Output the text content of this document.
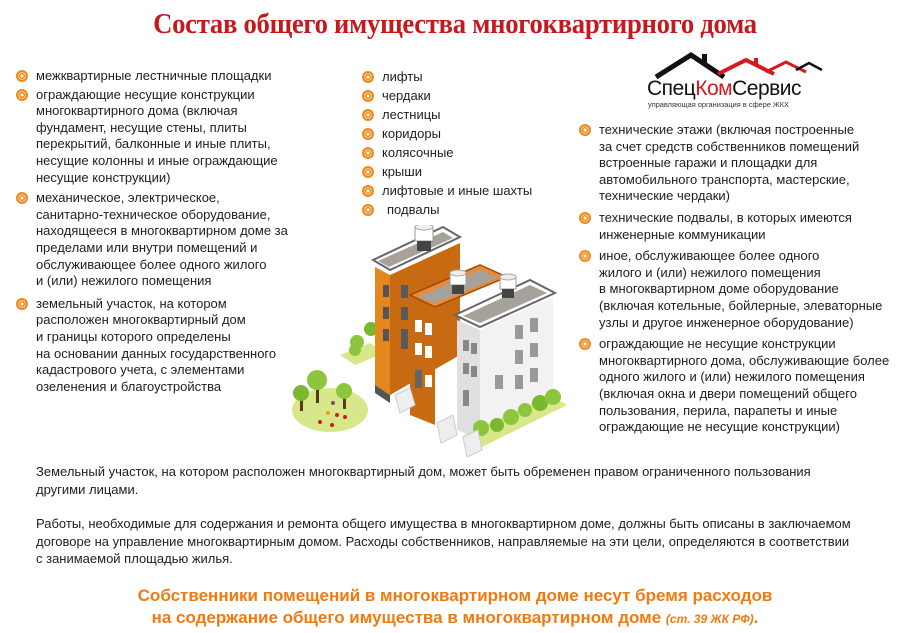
Состав общего имущества многоквартирного дома
межквартирные лестничные площадки
ограждающие несущие конструкции
многоквартирного дома (включая
фундамент, несущие стены, плиты
перекрытий, балконные и иные плиты,
несущие колонны и иные ограждающие
несущие конструкции)
механическое, электрическое,
санитарно-техническое оборудование,
находящееся в многоквартирном доме за
пределами или внутри помещений и
обслуживающее более одного жилого
и (или) нежилого помещения
земельный участок, на котором
расположен многоквартирный дом
и границы которого определены
на основании данных государственного
кадастрового учета, с элементами
озеленения и благоустройства
лифты
чердаки
лестницы
коридоры
колясочные
крыши
лифтовые и иные шахты
подвалы
СпецКомСервис
управляющая организация в сфере ЖКХ
технические этажи (включая построенные
за счет средств собственников помещений
встроенные гаражи и площадки для
автомобильного транспорта, мастерские,
технические чердаки)
технические подвалы, в которых имеются
инженерные коммуникации
иное, обслуживающее более одного
жилого и (или) нежилого помещения
в многоквартирном доме оборудование
(включая котельные, бойлерные, элеваторные
узлы и другое инженерное оборудование)
ограждающие не несущие конструкции
многоквартирного дома, обслуживающие более
одного жилого и (или) нежилого помещения
(включая окна и двери помещений общего
пользования, перила, парапеты и иные
ограждающие не несущие конструкции)

Земельный участок, на котором расположен многоквартирный дом, может быть обременен правом ограниченного пользования
другими лицами.

Работы, необходимые для содержания и ремонта общего имущества в многоквартирном доме, должны быть описаны в заключаемом
договоре на управление многоквартирным домом. Расходы собственников, направляемые на эти цели, определяются в соответствии
с занимаемой площадью жилья.

Собственники помещений в многоквартирном доме несут бремя расходов
на содержание общего имущества в многоквартирном доме (ст. 39 ЖК РФ).
